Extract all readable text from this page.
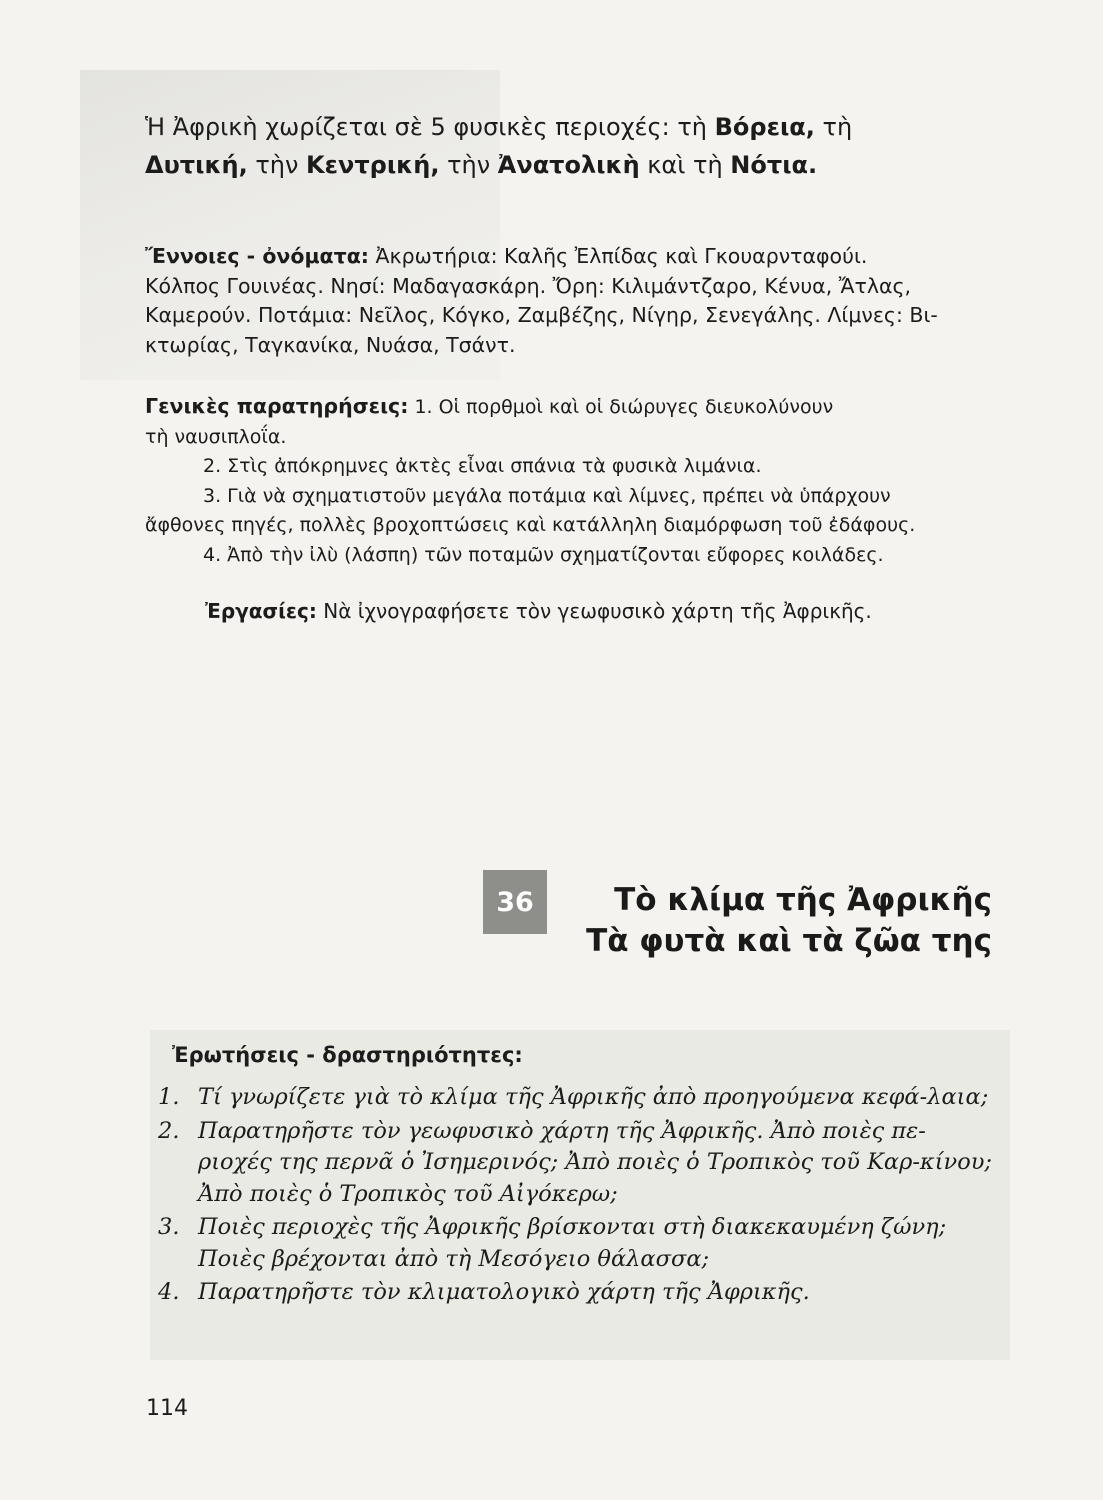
Ἡ Ἀφρικὴ χωρίζεται σὲ 5 φυσικὲς περιοχές: τὴ Βόρεια, τὴ
Δυτική, τὴν Κεντρική, τὴν Ἀνατολικὴ καὶ τὴ Νότια.

Ἔννοιες - ὀνόματα: Ἀκρωτήρια: Καλῆς Ἐλπίδας καὶ Γκουαρνταφούι.

Κόλπος Γουινέας. Νησί: Μαδαγασκάρη. Ὄρη: Κιλιμάντζαρο, Κένυα, Ἄτλας,

Καμερούν. Ποτάμια: Νεῖλος, Κόγκο, Ζαμβέζης, Νίγηρ, Σενεγάλης. Λίμνες: Βι-

κτωρίας, Ταγκανίκα, Νυάσα, Τσάντ.

Γενικὲς παρατηρήσεις: 1. Οἱ πορθμοὶ καὶ οἱ διώρυγες διευκολύνουν

τὴ ναυσιπλοΐα.

2. Στὶς ἀπόκρημνες ἀκτὲς εἶναι σπάνια τὰ φυσικὰ λιμάνια.

3. Γιὰ νὰ σχηματιστοῦν μεγάλα ποτάμια καὶ λίμνες, πρέπει νὰ ὑπάρχουν

ἄφθονες πηγές, πολλὲς βροχοπτώσεις καὶ κατάλληλη διαμόρφωση τοῦ ἐδάφους.

4. Ἀπὸ τὴν ἰλὺ (λάσπη) τῶν ποταμῶν σχηματίζονται εὔφορες κοιλάδες.

Ἐργασίες: Νὰ ἰχνογραφήσετε τὸν γεωφυσικὸ χάρτη τῆς Ἀφρικῆς.
36	Τὸ κλίμα τῆς Ἀφρικῆς
Τὰ φυτὰ καὶ τὰ ζῶα της
Ἐρωτήσεις - δραστηριότητες:
1. Τί γνωρίζετε γιὰ τὸ κλίμα τῆς Ἀφρικῆς ἀπὸ προηγούμενα κεφά-λαια;
2. Παρατηρῆστε τὸν γεωφυσικὸ χάρτη τῆς Ἀφρικῆς. Ἀπὸ ποιὲς πε-ριοχές της περνᾶ ὁ Ἰσημερινός; Ἀπὸ ποιὲς ὁ Τροπικὸς τοῦ Καρ-κίνου; Ἀπὸ ποιὲς ὁ Τροπικὸς τοῦ Αἰγόκερω;
3. Ποιὲς περιοχὲς τῆς Ἀφρικῆς βρίσκονται στὴ διακεκαυμένη ζώνη; Ποιὲς βρέχονται ἀπὸ τὴ Μεσόγειο θάλασσα;
4. Παρατηρῆστε τὸν κλιματολογικὸ χάρτη τῆς Ἀφρικῆς.
114
